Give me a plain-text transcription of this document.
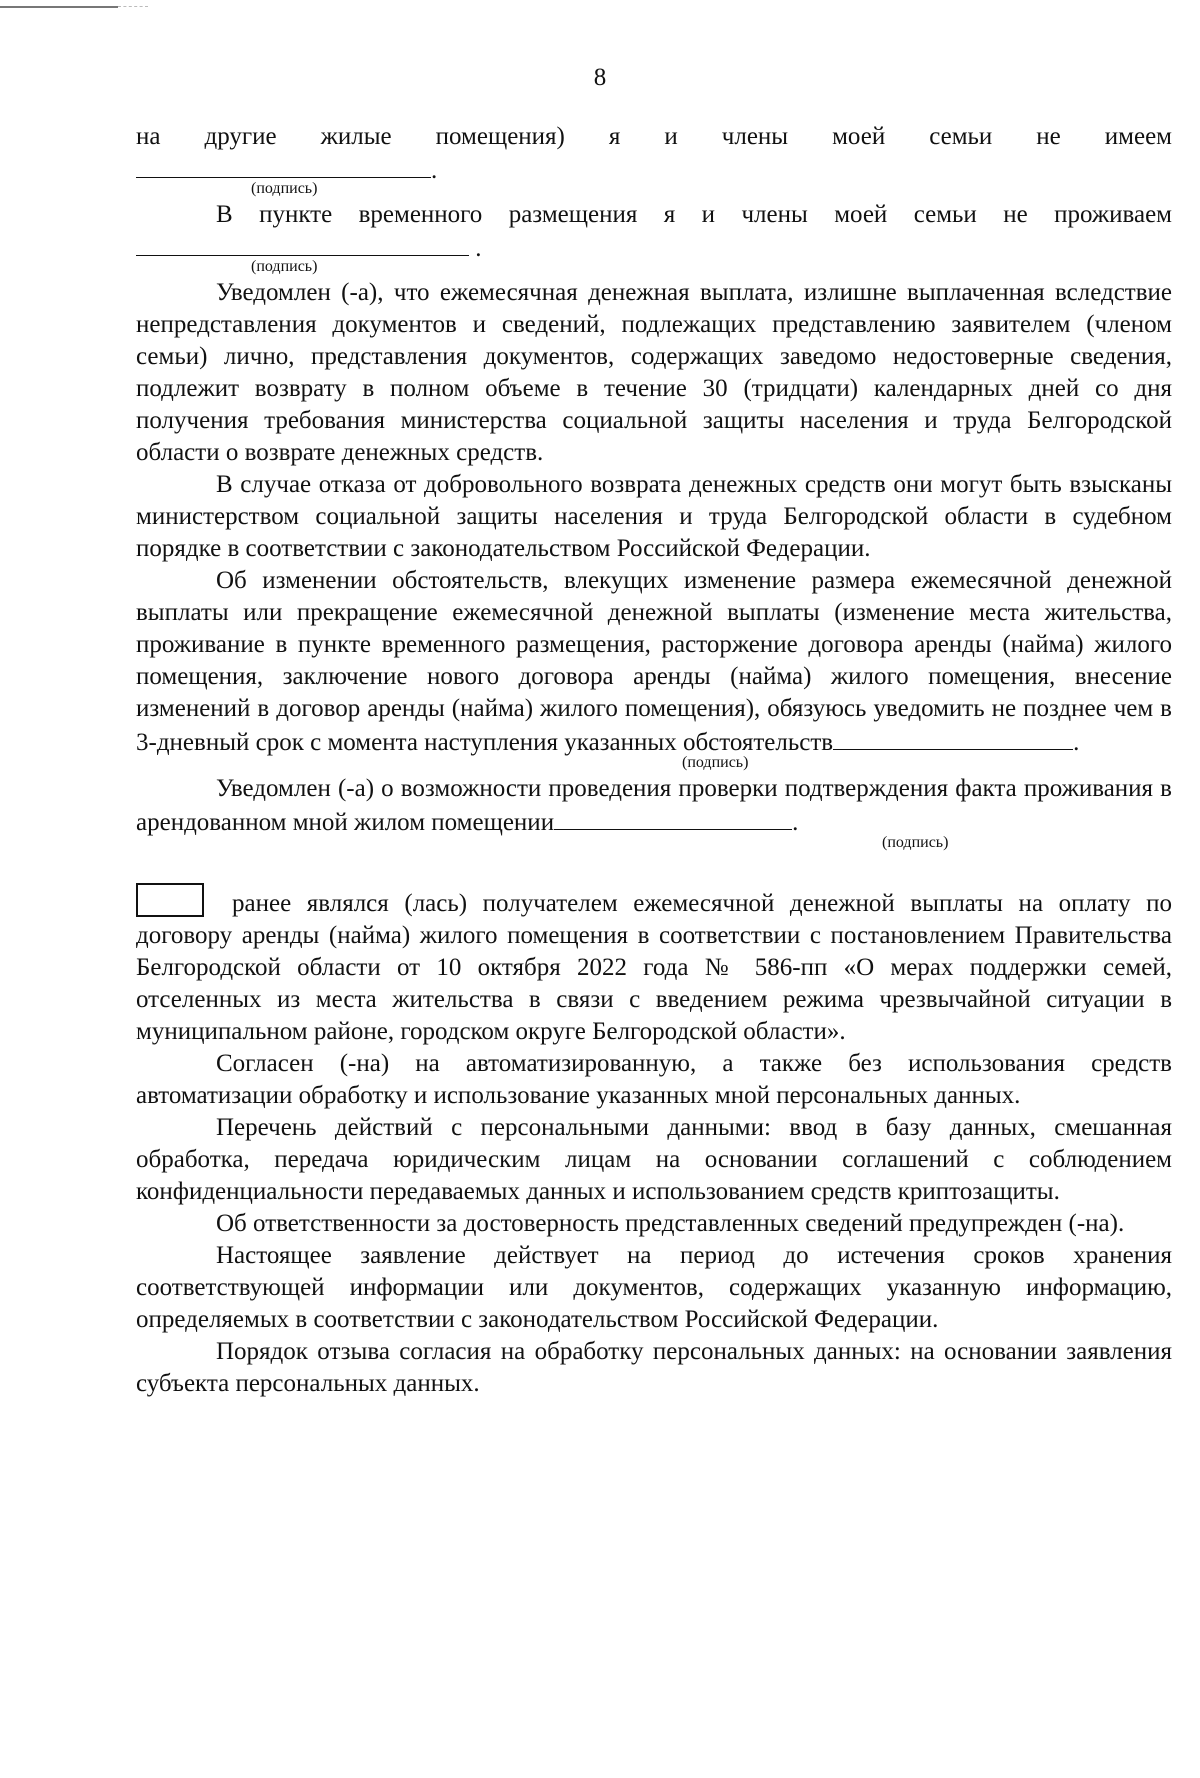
8

на другие жилые помещения) я и члены моей семьи не имеем

.
(подпись)

В пункте временного размещения я и члены моей семьи не проживаем

.
(подпись)

Уведомлен (-а), что ежемесячная денежная выплата, излишне выплаченная вследствие непредставления документов и сведений, подлежащих представлению заявителем (членом семьи) лично, представления документов, содержащих заведомо недостоверные сведения, подлежит возврату в полном объеме в течение 30 (тридцати) календарных дней со дня получения требования министерства социальной защиты населения и труда Белгородской области о возврате денежных средств.

В случае отказа от добровольного возврата денежных средств они могут быть взысканы министерством социальной защиты населения и труда Белгородской области в судебном порядке в соответствии с законодательством Российской Федерации.

Об изменении обстоятельств, влекущих изменение размера ежемесячной денежной выплаты или прекращение ежемесячной денежной выплаты (изменение места жительства, проживание в пункте временного размещения, расторжение договора аренды (найма) жилого помещения, заключение нового договора аренды (найма) жилого помещения, внесение изменений в договор аренды (найма) жилого помещения), обязуюсь уведомить не позднее чем в 3-дневный срок с момента наступления указанных обстоятельств	.

(подпись)

Уведомлен (-а) о возможности проведения проверки подтверждения факта проживания в арендованном мной жилом помещении	.

(подпись)

ранее являлся (лась) получателем ежемесячной денежной выплаты на оплату по договору аренды (найма) жилого помещения в соответствии с постановлением Правительства Белгородской области от 10 октября 2022 года № 586-пп «О мерах поддержки семей, отселенных из места жительства в связи с введением режима чрезвычайной ситуации в муниципальном районе, городском округе Белгородской области».

Согласен (-на) на автоматизированную, а также без использования средств автоматизации обработку и использование указанных мной персональных данных.

Перечень действий с персональными данными: ввод в базу данных, смешанная обработка, передача юридическим лицам на основании соглашений с соблюдением конфиденциальности передаваемых данных и использованием средств криптозащиты.

Об ответственности за достоверность представленных сведений предупрежден (-на).

Настоящее заявление действует на период до истечения сроков хранения соответствующей информации или документов, содержащих указанную информацию, определяемых в соответствии с законодательством Российской Федерации.

Порядок отзыва согласия на обработку персональных данных: на основании заявления субъекта персональных данных.
